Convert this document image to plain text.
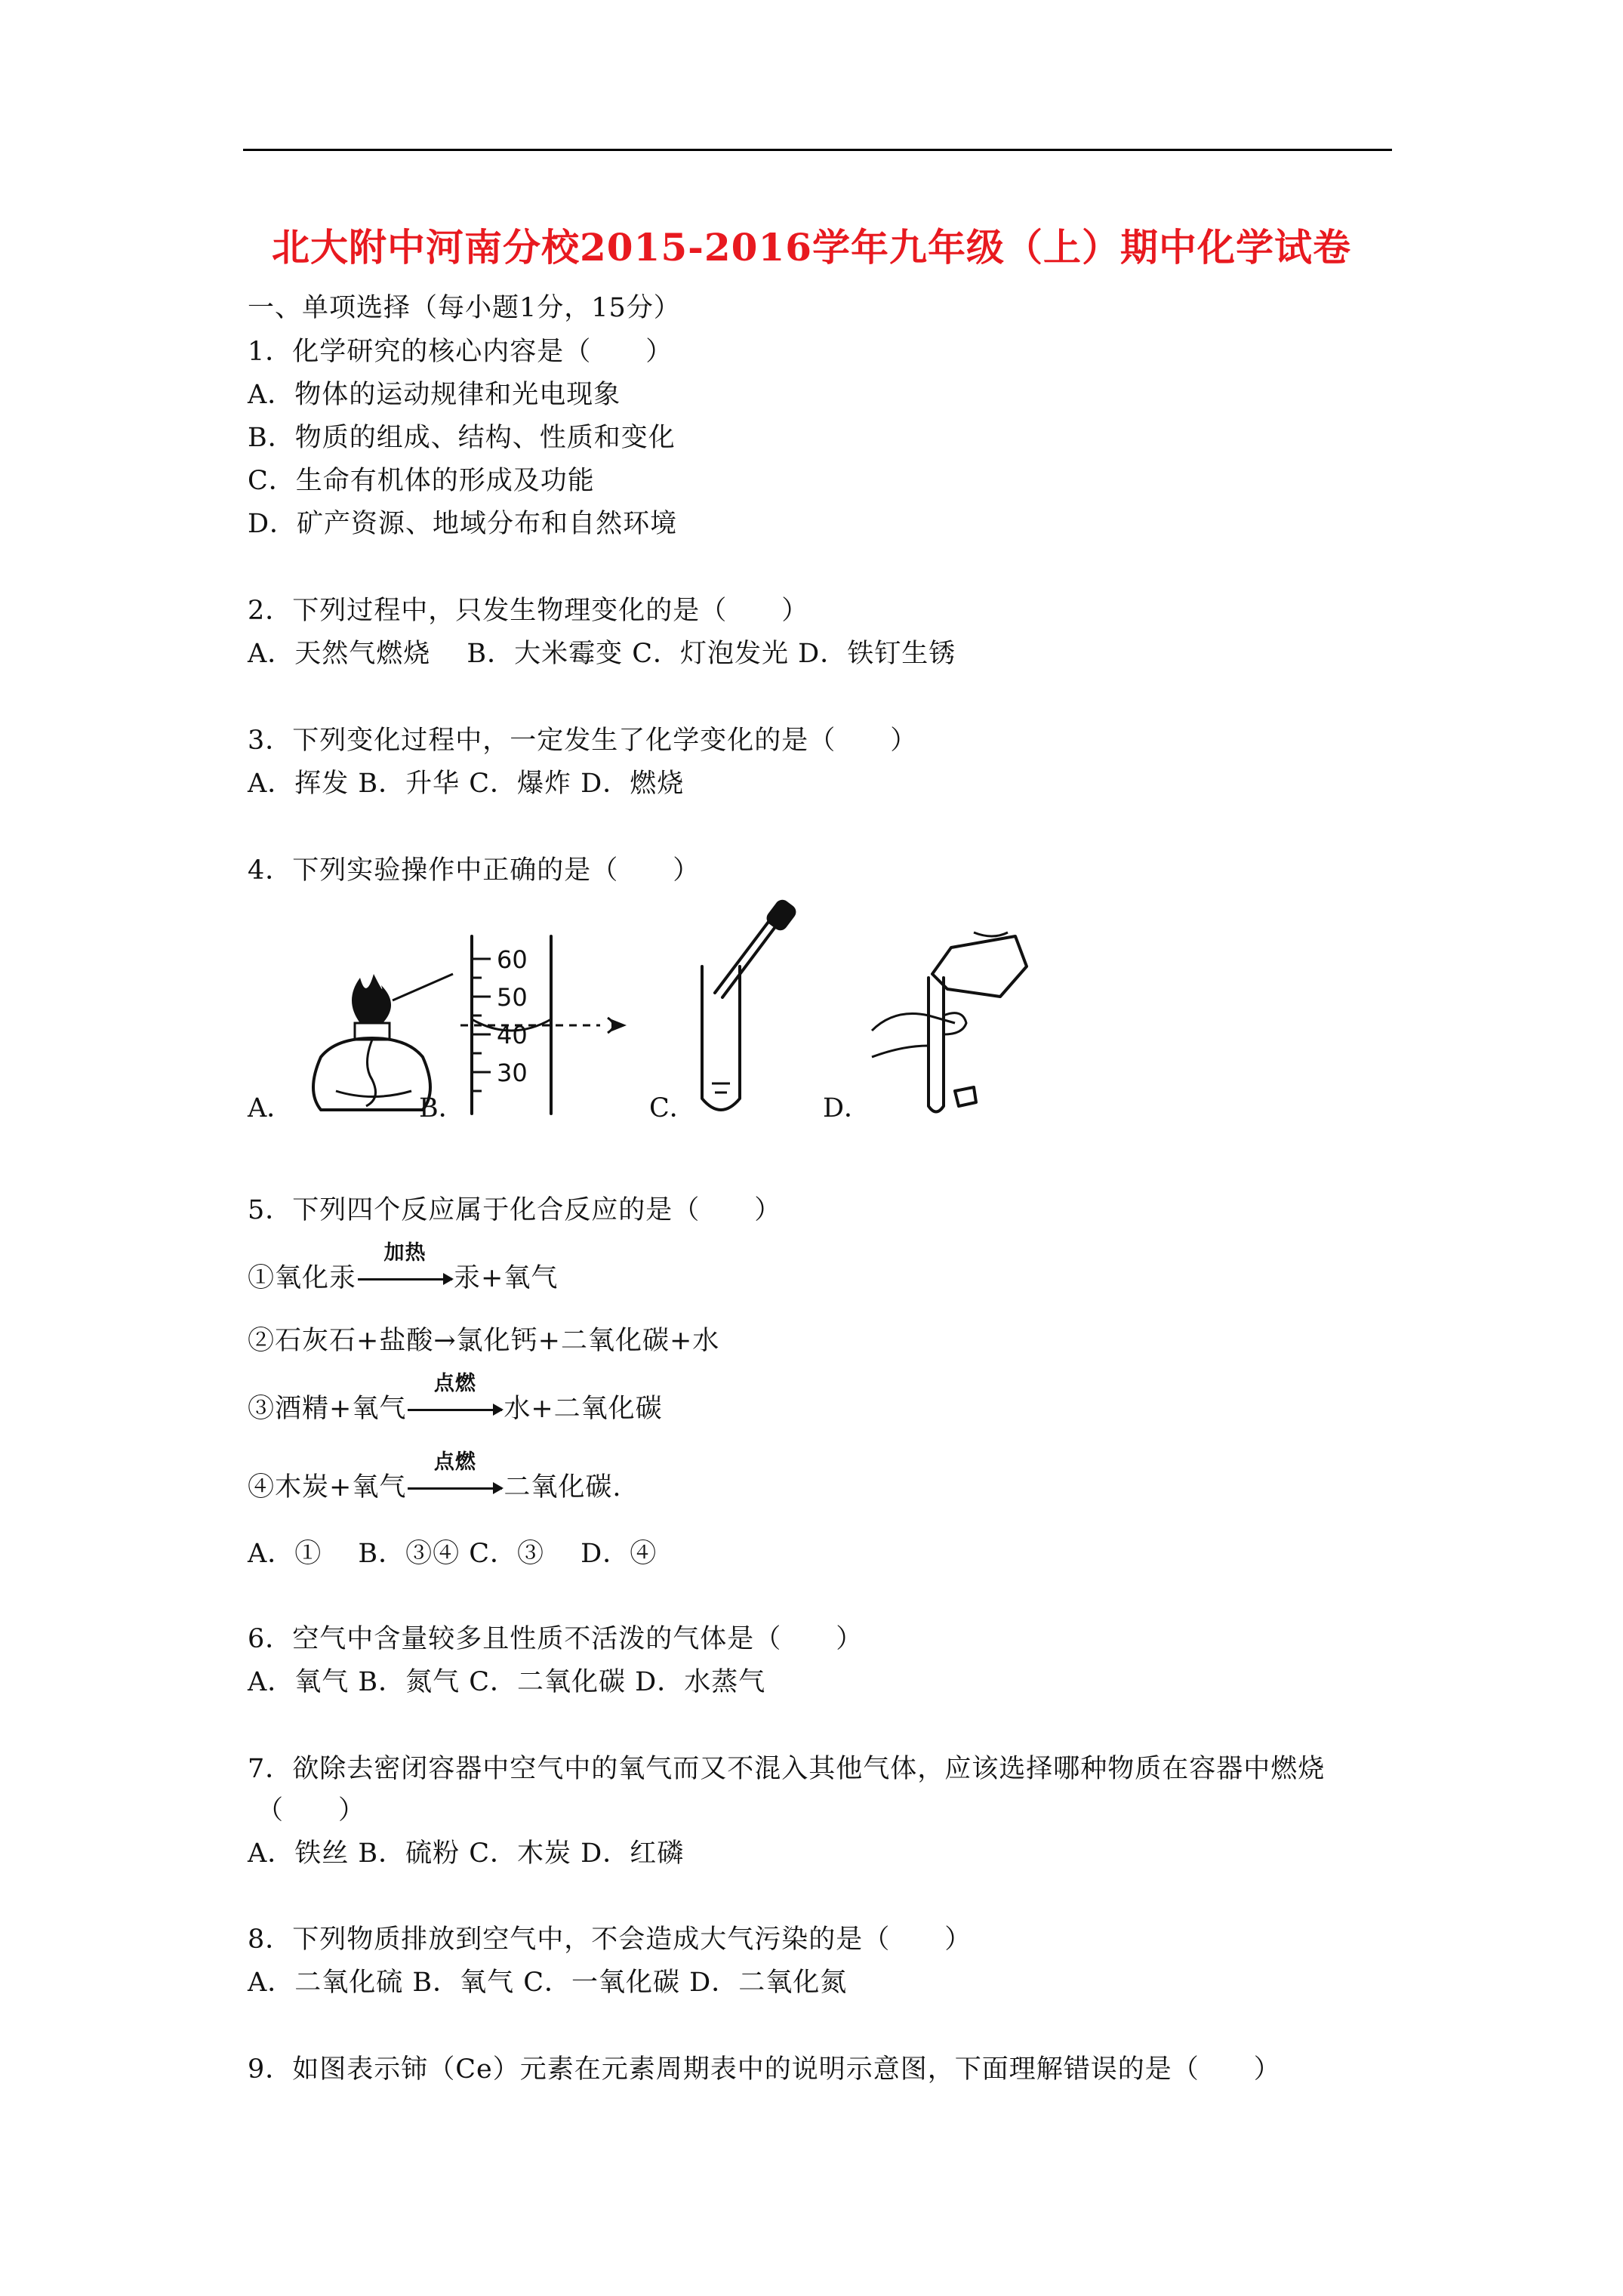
北大附中河南分校2015-2016学年九年级（上）期中化学试卷
一、单项选择（每小题1分，15分）
1．化学研究的核心内容是（　　）
A．物体的运动规律和光电现象
B．物质的组成、结构、性质和变化
C．生命有机体的形成及功能
D．矿产资源、地域分布和自然环境
2．下列过程中，只发生物理变化的是（　　）
A．天然气燃烧　 B．大米霉变 C．灯泡发光 D．铁钉生锈
3．下列变化过程中，一定发生了化学变化的是（　　）
A．挥发 B．升华 C．爆炸 D．燃烧
4．下列实验操作中正确的是（　　）
A．	B．
60
50
40
30
C．	D．
5．下列四个反应属于化合反应的是（　　）
①氧化汞
加热
汞+氧气
②石灰石+盐酸→氯化钙+二氧化碳+水
③酒精+氧气
点燃
水+二氧化碳
④木炭+氧气
点燃
二氧化碳.
A．①　 B．③④ C．③　 D．④
6．空气中含量较多且性质不活泼的气体是（　　）
A．氧气 B．氮气 C．二氧化碳 D．水蒸气
7．欲除去密闭容器中空气中的氧气而又不混入其他气体，应该选择哪种物质在容器中燃烧
（　　）
A．铁丝 B．硫粉 C．木炭 D．红磷
8．下列物质排放到空气中，不会造成大气污染的是（　　）
A．二氧化硫 B．氧气 C．一氧化碳 D．二氧化氮
9．如图表示铈（Ce）元素在元素周期表中的说明示意图，下面理解错误的是（　　）
